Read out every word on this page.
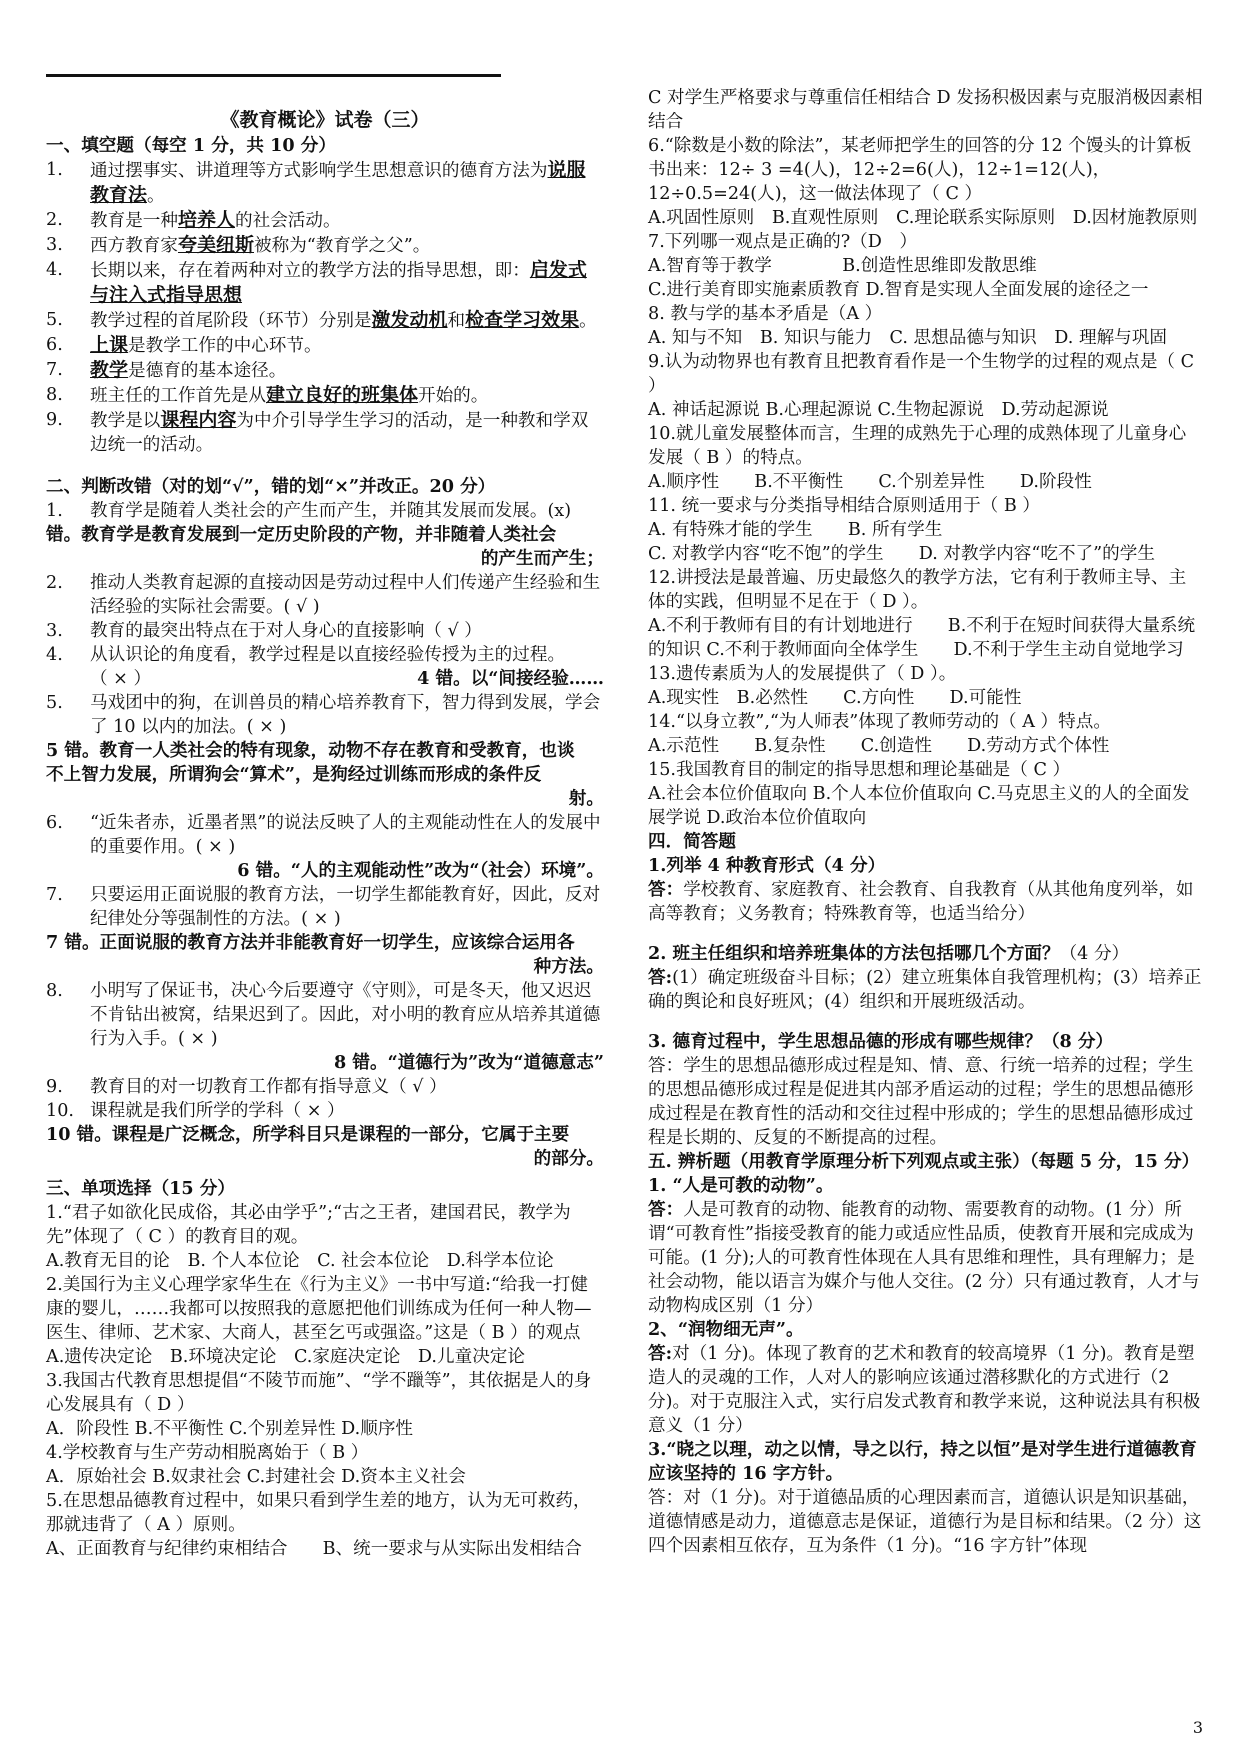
《教育概论》试卷（三）

一、填空题（每空 1 分，共 10 分）

1.	通过摆事实、讲道理等方式影响学生思想意识的德育方法为说服教育法。
2.	教育是一种培养人的社会活动。
3.	西方教育家夸美纽斯被称为“教育学之父”。
4.	长期以来，存在着两种对立的教学方法的指导思想，即：启发式与注入式指导思想
5.	教学过程的首尾阶段（环节）分别是激发动机和检查学习效果。
6.	上课是教学工作的中心环节。
7.	教学是德育的基本途径。
8.	班主任的工作首先是从建立良好的班集体开始的。
9.	教学是以课程内容为中介引导学生学习的活动，是一种教和学双边统一的活动。

二、判断改错（对的划“√”，错的划“×”并改正。20 分）

1.	教育学是随着人类社会的产生而产生，并随其发展而发展。(x)

错。教育学是教育发展到一定历史阶段的产物，并非随着人类社会

的产生而产生；

2.	推动人类教育起源的直接动因是劳动过程中人们传递产生经验和生活经验的实际社会需要。( √ )
3.	教育的最突出特点在于对人身心的直接影响（ √ ）
4.	从认识论的角度看，教学过程是以直接经验传授为主的过程。
（ × ）	4 错。以“间接经验……
5.	马戏团中的狗，在训兽员的精心培养教育下，智力得到发展，学会了 10 以内的加法。( × )

5 错。教育一人类社会的特有现象，动物不存在教育和受教育，也谈

不上智力发展，所谓狗会“算术”，是狗经过训练而形成的条件反

射。

6.	“近朱者赤，近墨者黑”的说法反映了人的主观能动性在人的发展中的重要作用。( × )

6 错。“人的主观能动性”改为“（社会）环境”。

7.	只要运用正面说服的教育方法，一切学生都能教育好，因此，反对纪律处分等强制性的方法。( × )

7 错。正面说服的教育方法并非能教育好一切学生，应该综合运用各

种方法。

8.	小明写了保证书，决心今后要遵守《守则》，可是冬天，他又迟迟不肯钻出被窝，结果迟到了。因此，对小明的教育应从培养其道德行为入手。( × )

8 错。“道德行为”改为“道德意志”

9.	教育目的对一切教育工作都有指导意义（ √ ）
10. 课程就是我们所学的学科（ × ）

10 错。课程是广泛概念，所学科目只是课程的一部分，它属于主要

的部分。

三、单项选择（15 分）

1.“君子如欲化民成俗，其必由学乎”;“古之王者，建国君民，教学为先”体现了（ C ）的教育目的观。

A.教育无目的论　B. 个人本位论　C. 社会本位论　D.科学本位论

2.美国行为主义心理学家华生在《行为主义》一书中写道:“给我一打健康的婴儿，……我都可以按照我的意愿把他们训练成为任何一种人物—医生、律师、艺术家、大商人，甚至乞丐或强盗。”这是（ B ）的观点

A.遗传决定论　B.环境决定论　C.家庭决定论　D.儿童决定论

3.我国古代教育思想提倡“不陵节而施”、“学不躐等”，其依据是人的身心发展具有（ D ）

A．阶段性 B.不平衡性 C.个别差异性 D.顺序性

4.学校教育与生产劳动相脱离始于（ B ）

A．原始社会 B.奴隶社会 C.封建社会 D.资本主义社会

5.在思想品德教育过程中，如果只看到学生差的地方，认为无可救药，那就违背了（ A ）原则。

A、正面教育与纪律约束相结合　　B、统一要求与从实际出发相结合

C 对学生严格要求与尊重信任相结合 D 发扬积极因素与克服消极因素相结合

6.“除数是小数的除法”，某老师把学生的回答的分 12 个馒头的计算板书出来：12÷ 3 =4(人)，12÷2=6(人)，12÷1=12(人)，12÷0.5=24(人)，这一做法体现了（ C ）

A.巩固性原则　B.直观性原则　C.理论联系实际原则　D.因材施教原则

7.下列哪一观点是正确的?（D　）

A.智育等于教学　　　　B.创造性思维即发散思维

C.进行美育即实施素质教育 D.智育是实现人全面发展的途径之一

8. 教与学的基本矛盾是（A ）

A. 知与不知　B. 知识与能力　C. 思想品德与知识　D. 理解与巩固

9.认为动物界也有教育且把教育看作是一个生物学的过程的观点是（ C ）

A. 神话起源说 B.心理起源说 C.生物起源说　D.劳动起源说

10.就儿童发展整体而言，生理的成熟先于心理的成熟体现了儿童身心发展（ B ）的特点。

A.顺序性　　B.不平衡性　　C.个别差异性　　D.阶段性

11. 统一要求与分类指导相结合原则适用于（ B ）

A. 有特殊才能的学生　　B. 所有学生

C. 对教学内容“吃不饱”的学生　　D. 对教学内容“吃不了”的学生

12.讲授法是最普遍、历史最悠久的教学方法，它有利于教师主导、主体的实践，但明显不足在于（ D ）。

A.不利于教师有目的有计划地进行　　B.不利于在短时间获得大量系统的知识 C.不利于教师面向全体学生　　D.不利于学生主动自觉地学习

13.遗传素质为人的发展提供了（ D ）。

A.现实性　B.必然性　　C.方向性　　D.可能性

14.“以身立教”,“为人师表”体现了教师劳动的（ A ）特点。

A.示范性　　B.复杂性　　C.创造性　　D.劳动方式个体性

15.我国教育目的制定的指导思想和理论基础是（ C ）

A.社会本位价值取向 B.个人本位价值取向 C.马克思主义的人的全面发展学说 D.政治本位价值取向

四．简答题

1.列举 4 种教育形式（4 分）

答：学校教育、家庭教育、社会教育、自我教育（从其他角度列举，如高等教育；义务教育；特殊教育等，也适当给分）

2. 班主任组织和培养班集体的方法包括哪几个方面？（4 分）

答:(1）确定班级奋斗目标；(2）建立班集体自我管理机构；(3）培养正确的舆论和良好班风；(4）组织和开展班级活动。

3. 德育过程中，学生思想品德的形成有哪些规律？（8 分）

答：学生的思想品德形成过程是知、情、意、行统一培养的过程；学生的思想品德形成过程是促进其内部矛盾运动的过程；学生的思想品德形成过程是在教育性的活动和交往过程中形成的；学生的思想品德形成过程是长期的、反复的不断提高的过程。

五. 辨析题（用教育学原理分析下列观点或主张）（每题 5 分，15 分）

1. “人是可教的动物”。

答：人是可教育的动物、能教育的动物、需要教育的动物。(1 分）所谓“可教育性”指接受教育的能力或适应性品质，使教育开展和完成成为可能。(1 分);人的可教育性体现在人具有思维和理性，具有理解力；是社会动物，能以语言为媒介与他人交往。(2 分）只有通过教育，人才与动物构成区别（1 分）

2、“润物细无声”。

答:对（1 分)。体现了教育的艺术和教育的较高境界（1 分)。教育是塑造人的灵魂的工作，人对人的影响应该通过潜移默化的方式进行（2 分)。对于克服注入式，实行启发式教育和教学来说，这种说法具有积极意义（1 分）

3.“晓之以理，动之以情，导之以行，持之以恒”是对学生进行道德教育应该坚持的 16 字方针。

答：对（1 分)。对于道德品质的心理因素而言，道德认识是知识基础，道德情感是动力，道德意志是保证，道德行为是目标和结果。（2 分）这四个因素相互依存，互为条件（1 分)。“16 字方针”体现

3
